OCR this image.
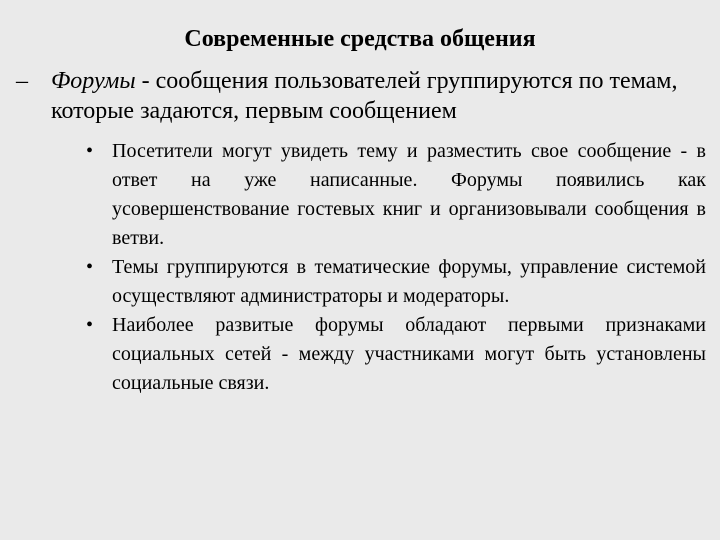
Современные средства общения
– Форумы - сообщения пользователей группируются по темам, которые задаются, первым сообщением
• Посетители могут увидеть тему и разместить свое сообщение - в ответ на уже написанные. Форумы появились как усовершенствование гостевых книг и организовывали сообщения в ветви.
• Темы группируются в тематические форумы, управление системой осуществляют администраторы и модераторы.
• Наиболее развитые форумы обладают первыми признаками социальных сетей - между участниками могут быть установлены социальные связи.
